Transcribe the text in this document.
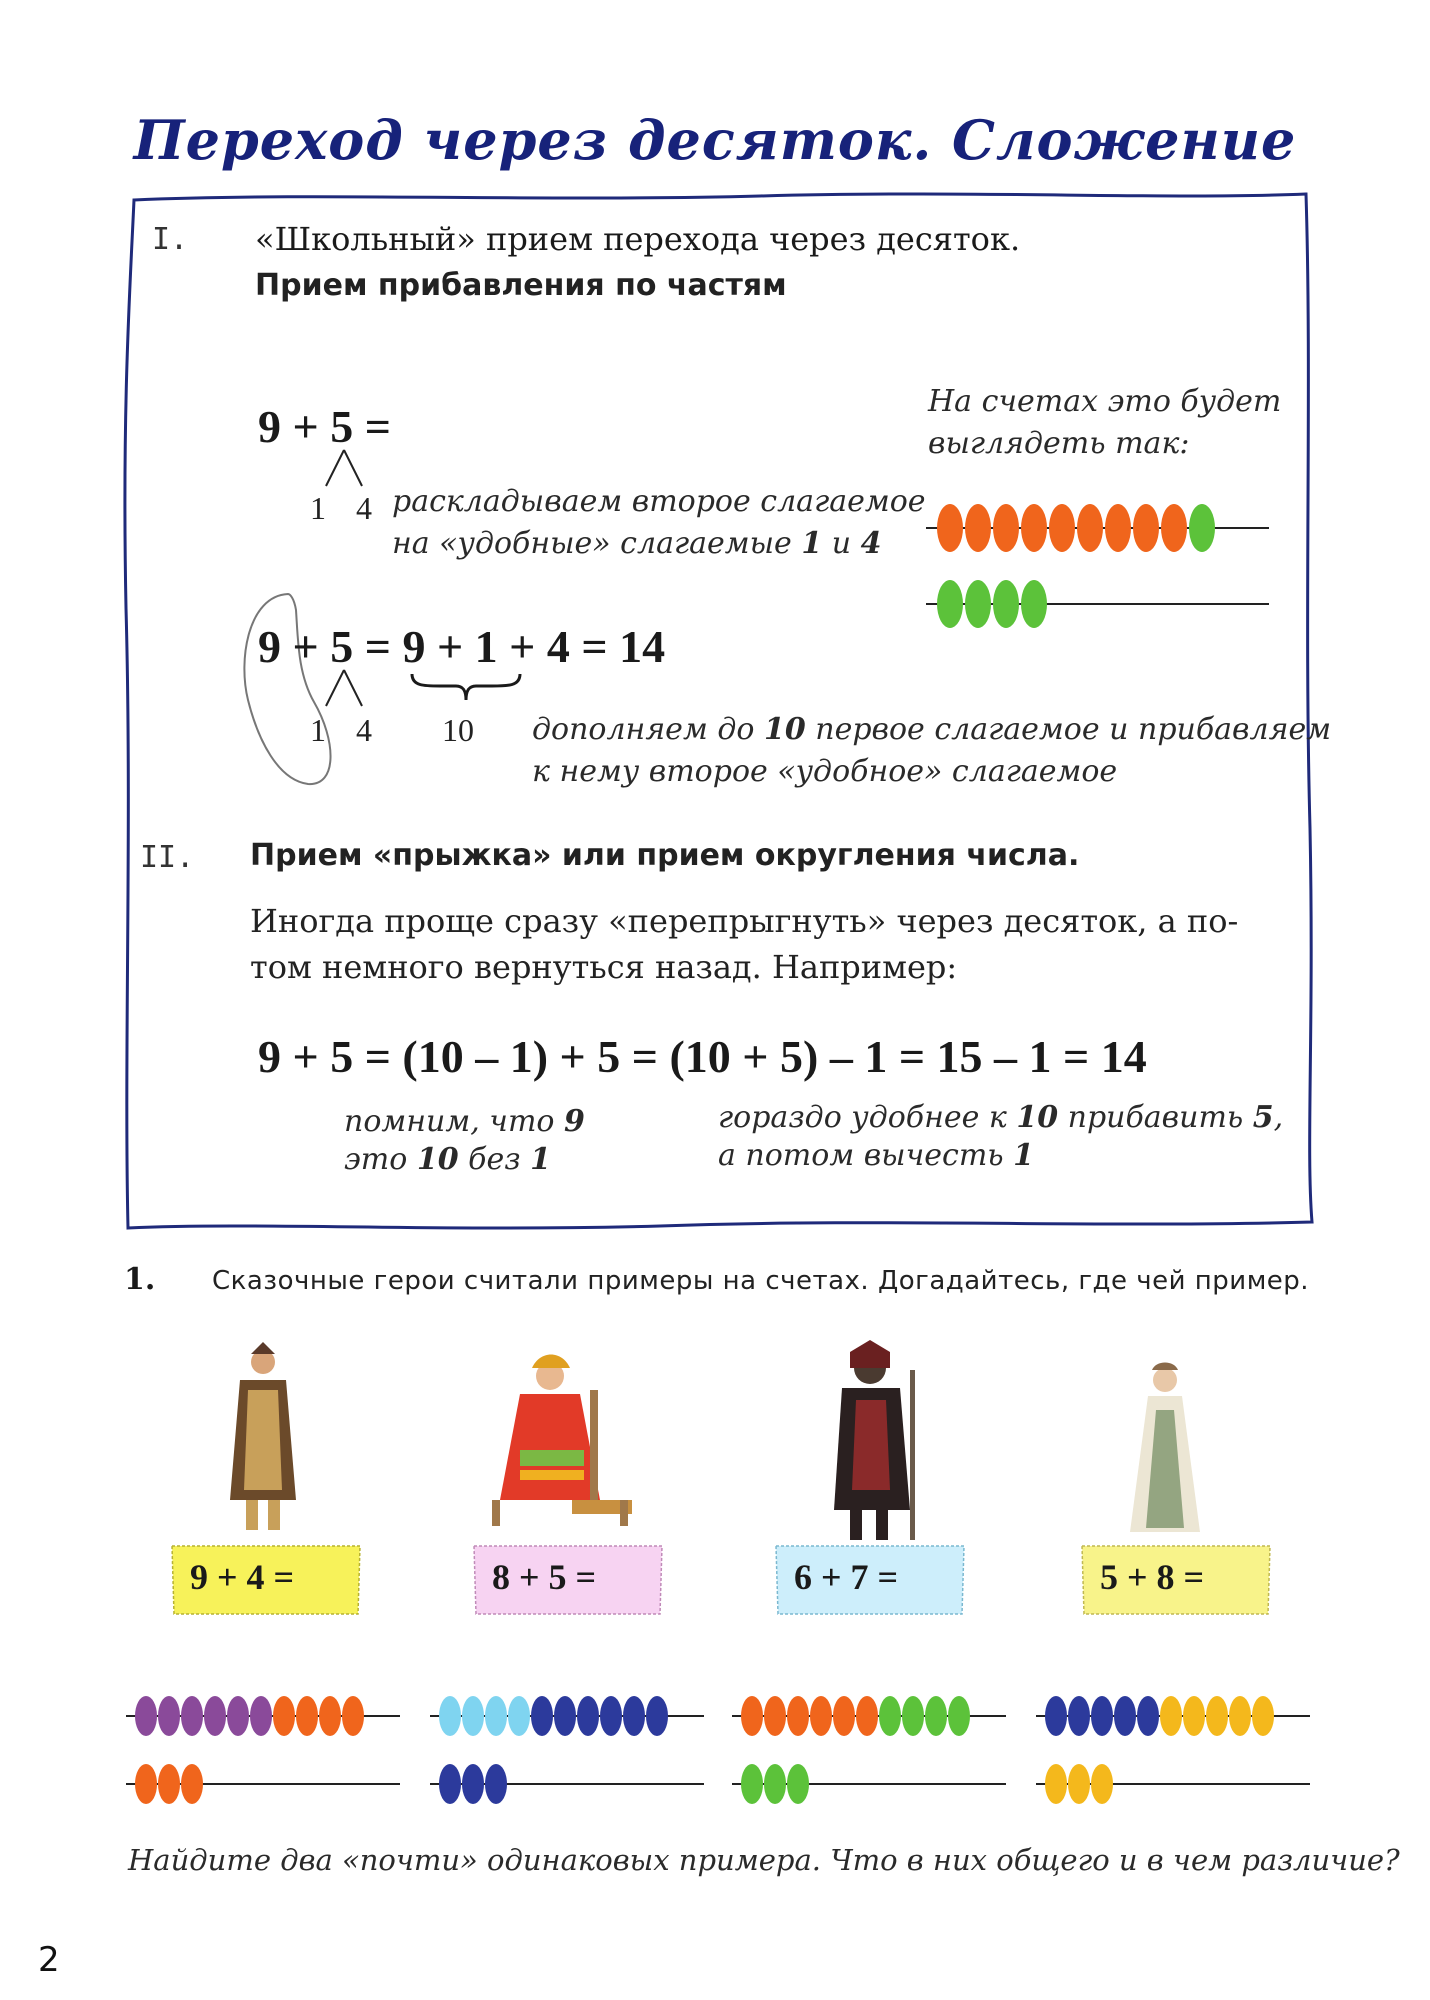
Переход через десяток. Сложение
I. «Школьный» прием перехода через десяток.
Прием прибавления по частям
9 + 5 =
1 4 раскладываем второе слагаемое
на «удобные» слагаемые 1 и 4
На счетах это будет
выглядеть так:
9 + 5 = 9 + 1 + 4 = 14
1 4 10 дополняем до 10 первое слагаемое и прибавляем
к нему второе «удобное» слагаемое
II. Прием «прыжка» или прием округления числа.
Иногда проще сразу «перепрыгнуть» через десяток, а по-
том немного вернуться назад. Например:
9 + 5 = (10 – 1) + 5 = (10 + 5) – 1 = 15 – 1 = 14
помним, что 9
это 10 без 1
гораздо удобнее к 10 прибавить 5,
а потом вычесть 1
1. Сказочные герои считали примеры на счетах. Догадайтесь, где чей пример.
9 + 4 =	8 + 5 =	6 + 7 =	5 + 8 =
Найдите два «почти» одинаковых примера. Что в них общего и в чем различие?
2
